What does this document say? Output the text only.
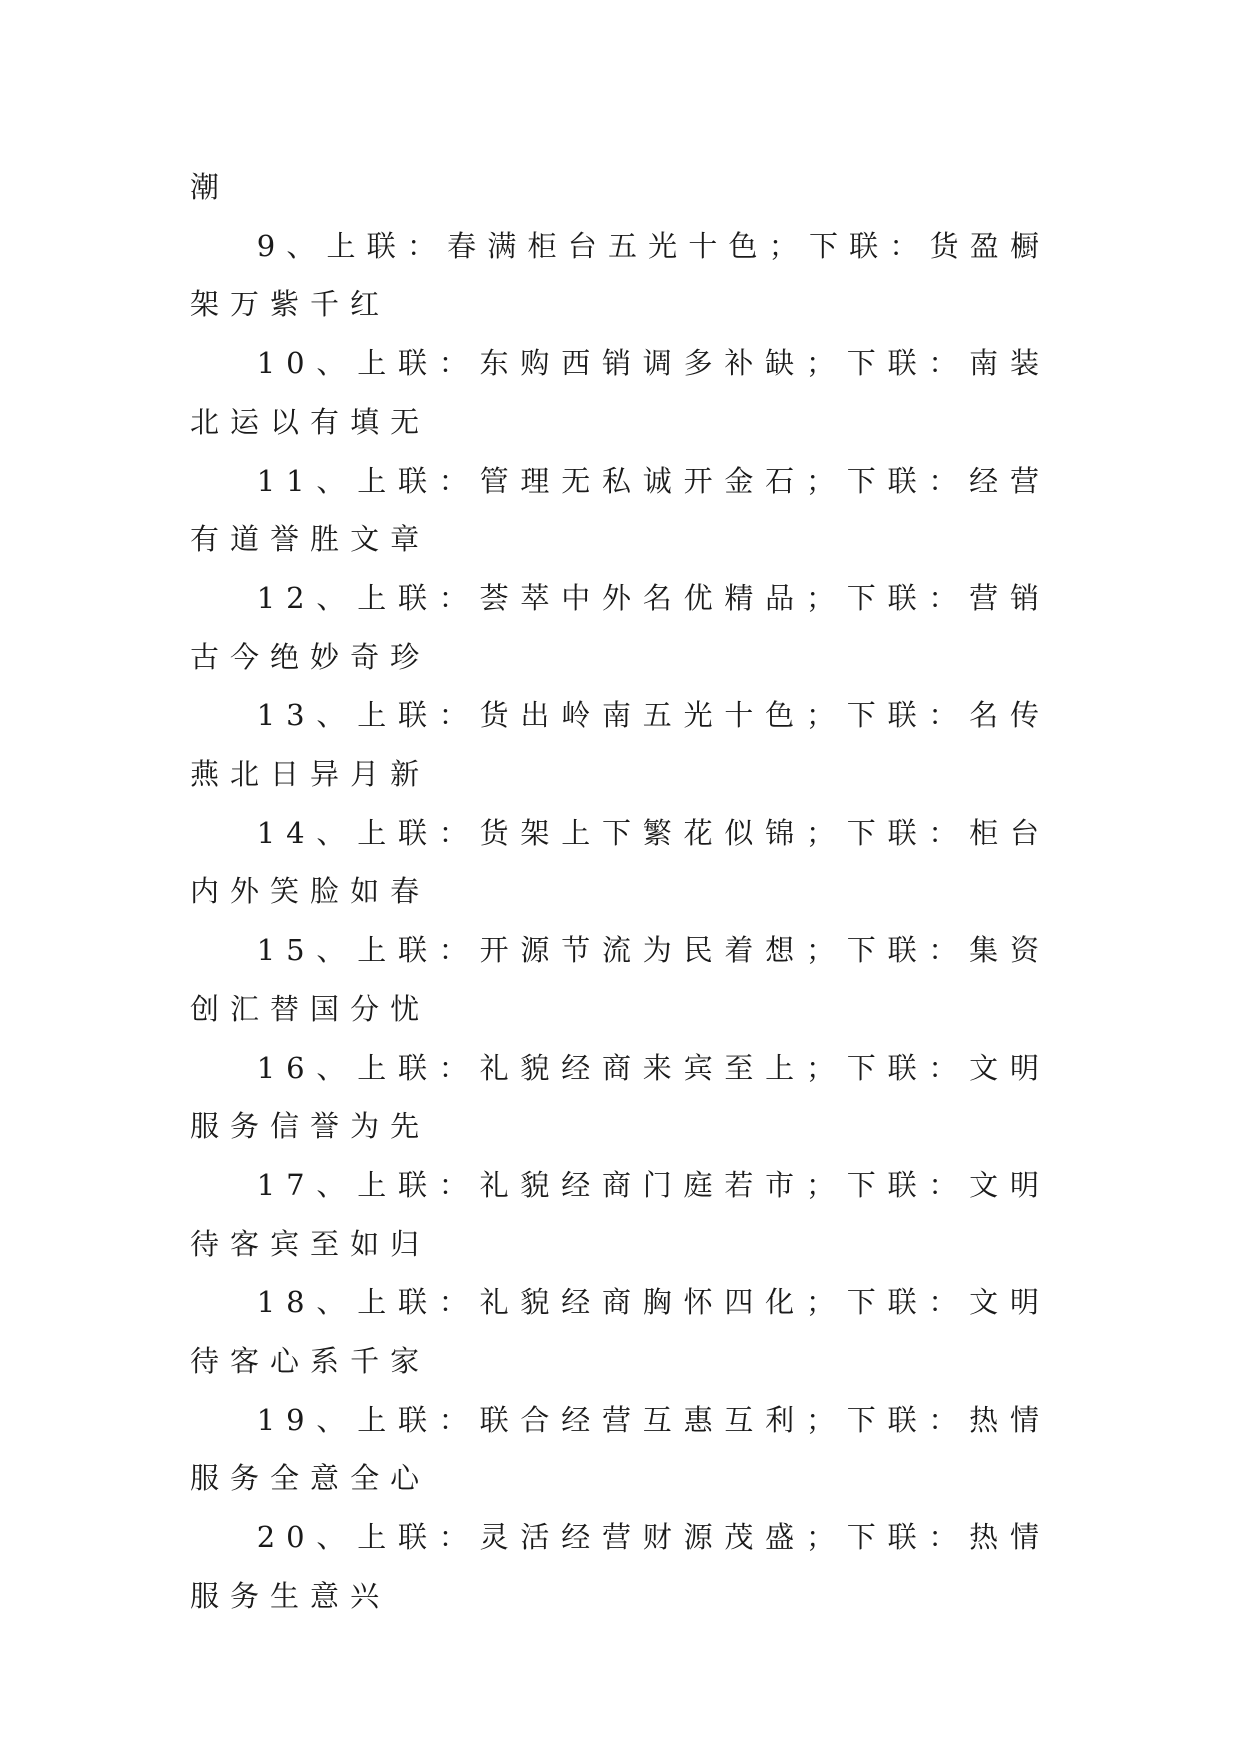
潮

9、上联：春满柜台五光十色；下联：货盈橱架万紫千红

10、上联：东购西销调多补缺；下联：南装北运以有填无

11、上联：管理无私诚开金石；下联：经营有道誉胜文章

12、上联：荟萃中外名优精品；下联：营销古今绝妙奇珍

13、上联：货出岭南五光十色；下联：名传燕北日异月新

14、上联：货架上下繁花似锦；下联：柜台内外笑脸如春

15、上联：开源节流为民着想；下联：集资创汇替国分忧

16、上联：礼貌经商来宾至上；下联：文明服务信誉为先

17、上联：礼貌经商门庭若市；下联：文明待客宾至如归

18、上联：礼貌经商胸怀四化；下联：文明待客心系千家

19、上联：联合经营互惠互利；下联：热情服务全意全心

20、上联：灵活经营财源茂盛；下联：热情服务生意兴
